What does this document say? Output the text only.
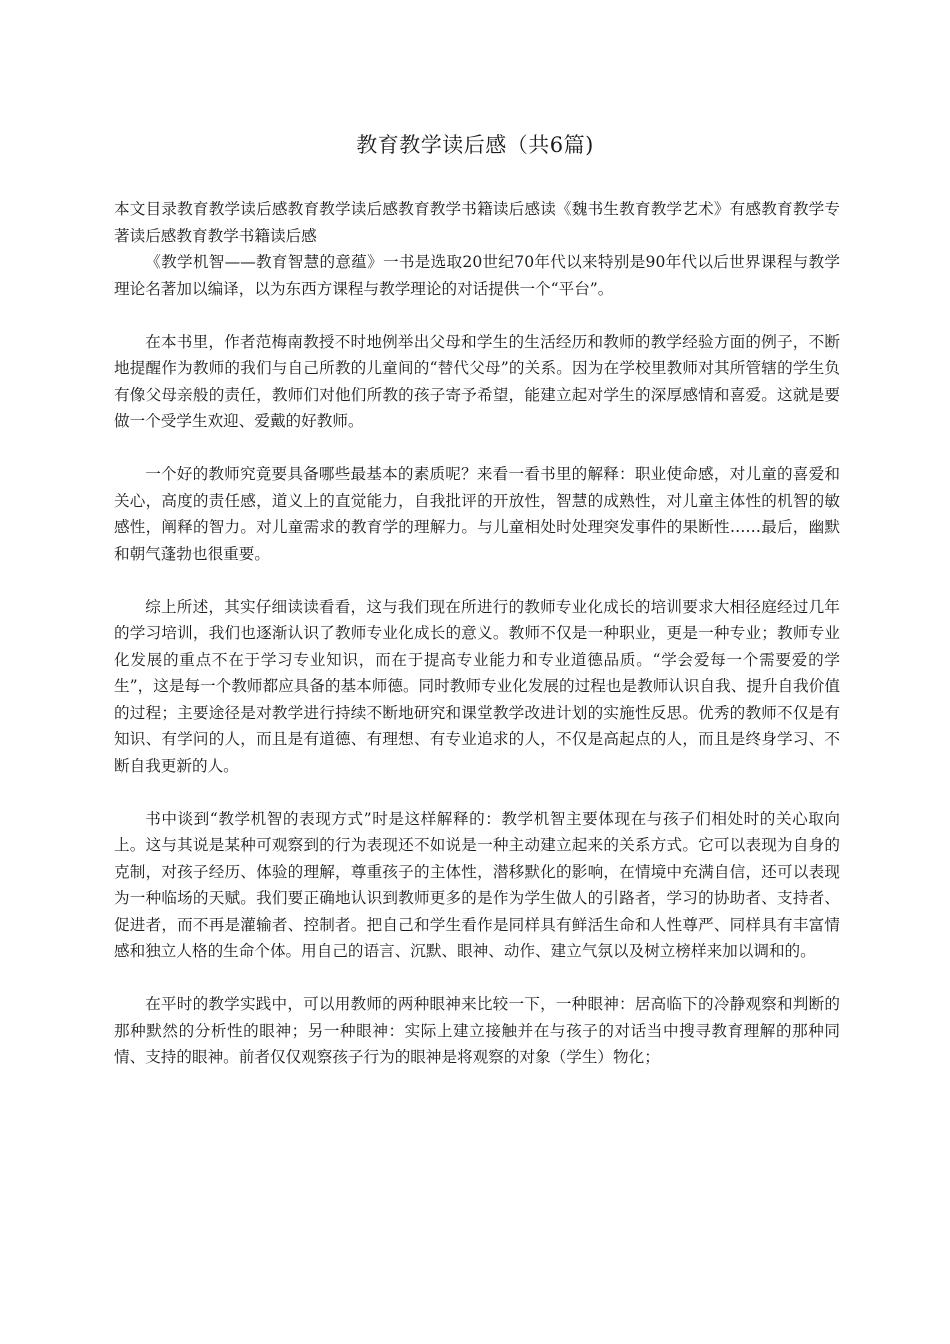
教育教学读后感（共6篇)

本文目录教育教学读后感教育教学读后感教育教学书籍读后感读《魏书生教育教学艺术》有感教育教学专著读后感教育教学书籍读后感

《教学机智——教育智慧的意蕴》一书是选取20世纪70年代以来特别是90年代以后世界课程与教学理论名著加以编译，以为东西方课程与教学理论的对话提供一个“平台”。

在本书里，作者范梅南教授不时地例举出父母和学生的生活经历和教师的教学经验方面的例子，不断地提醒作为教师的我们与自己所教的儿童间的“替代父母”的关系。因为在学校里教师对其所管辖的学生负有像父母亲般的责任，教师们对他们所教的孩子寄予希望，能建立起对学生的深厚感情和喜爱。这就是要做一个受学生欢迎、爱戴的好教师。

一个好的教师究竟要具备哪些最基本的素质呢？来看一看书里的解释：职业使命感，对儿童的喜爱和关心，高度的责任感，道义上的直觉能力，自我批评的开放性，智慧的成熟性，对儿童主体性的机智的敏感性，阐释的智力。对儿童需求的教育学的理解力。与儿童相处时处理突发事件的果断性……最后，幽默和朝气蓬勃也很重要。

综上所述，其实仔细读读看看，这与我们现在所进行的教师专业化成长的培训要求大相径庭经过几年的学习培训，我们也逐渐认识了教师专业化成长的意义。教师不仅是一种职业，更是一种专业；教师专业化发展的重点不在于学习专业知识，而在于提高专业能力和专业道德品质。“学会爱每一个需要爱的学生”，这是每一个教师都应具备的基本师德。同时教师专业化发展的过程也是教师认识自我、提升自我价值的过程；主要途径是对教学进行持续不断地研究和课堂教学改进计划的实施性反思。优秀的教师不仅是有知识、有学问的人，而且是有道德、有理想、有专业追求的人，不仅是高起点的人，而且是终身学习、不断自我更新的人。

书中谈到“教学机智的表现方式”时是这样解释的：教学机智主要体现在与孩子们相处时的关心取向上。这与其说是某种可观察到的行为表现还不如说是一种主动建立起来的关系方式。它可以表现为自身的克制，对孩子经历、体验的理解，尊重孩子的主体性，潜移默化的影响，在情境中充满自信，还可以表现为一种临场的天赋。我们要正确地认识到教师更多的是作为学生做人的引路者，学习的协助者、支持者、促进者，而不再是灌输者、控制者。把自己和学生看作是同样具有鲜活生命和人性尊严、同样具有丰富情感和独立人格的生命个体。用自己的语言、沉默、眼神、动作、建立气氛以及树立榜样来加以调和的。

在平时的教学实践中，可以用教师的两种眼神来比较一下，一种眼神：居高临下的冷静观察和判断的那种默然的分析性的眼神；另一种眼神：实际上建立接触并在与孩子的对话当中搜寻教育理解的那种同情、支持的眼神。前者仅仅观察孩子行为的眼神是将观察的对象（学生）物化；
